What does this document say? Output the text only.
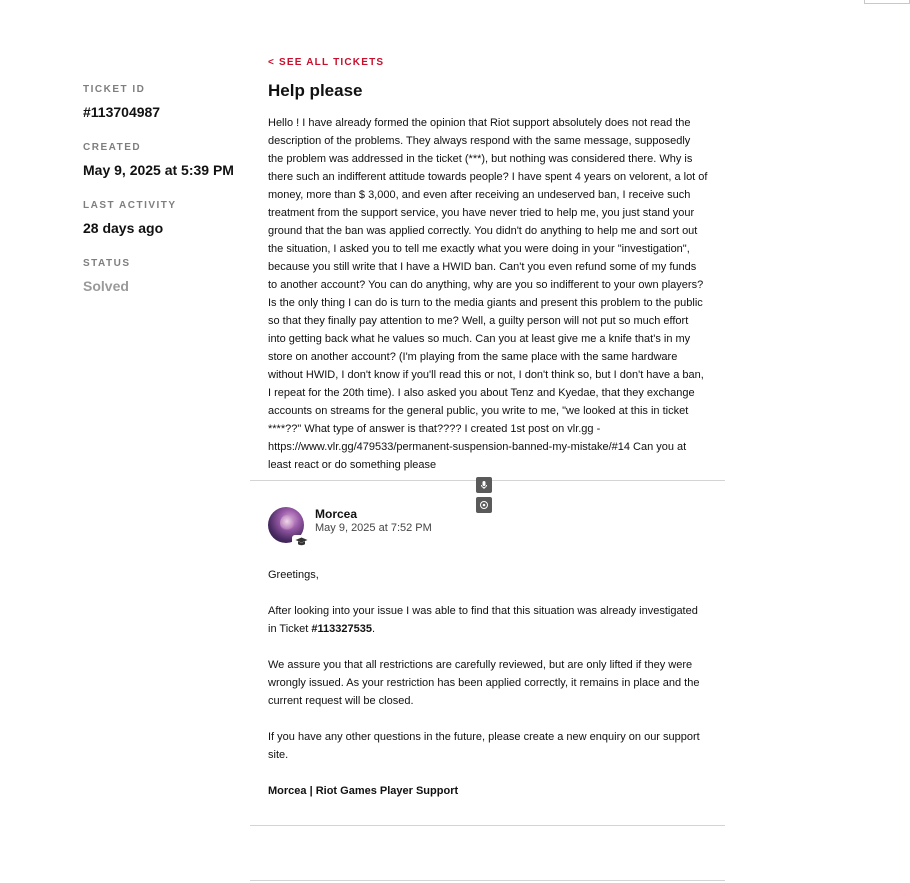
TICKET ID
#113704987
CREATED
May 9, 2025 at 5:39 PM
LAST ACTIVITY
28 days ago
STATUS
Solved
< SEE ALL TICKETS
Help please

Hello ! I have already formed the opinion that Riot support absolutely does not read the description of the problems. They always respond with the same message, supposedly the problem was addressed in the ticket (***), but nothing was considered there. Why is there such an indifferent attitude towards people? I have spent 4 years on velorent, a lot of money, more than $ 3,000, and even after receiving an undeserved ban, I receive such treatment from the support service, you have never tried to help me, you just stand your ground that the ban was applied correctly. You didn't do anything to help me and sort out the situation, I asked you to tell me exactly what you were doing in your "investigation", because you still write that I have a HWID ban. Can't you even refund some of my funds to another account? You can do anything, why are you so indifferent to your own players? Is the only thing I can do is turn to the media giants and present this problem to the public so that they finally pay attention to me? Well, a guilty person will not put so much effort into getting back what he values so much. Can you at least give me a knife that's in my store on another account? (I'm playing from the same place with the same hardware without HWID, I don't know if you'll read this or not, I don't think so, but I don't have a ban, I repeat for the 20th time). I also asked you about Tenz and Kyedae, that they exchange accounts on streams for the general public, you write to me, "we looked at this in ticket ****??" What type of answer is that???? I created 1st post on vlr.gg - https://www.vlr.gg/479533/permanent-suspension-banned-my-mistake/#14 Can you at least react or do something please

Morcea
May 9, 2025 at 7:52 PM

Greetings,

After looking into your issue I was able to find that this situation was already investigated in Ticket #113327535.

We assure you that all restrictions are carefully reviewed, but are only lifted if they were wrongly issued. As your restriction has been applied correctly, it remains in place and the current request will be closed.

If you have any other questions in the future, please create a new enquiry on our support site.

Morcea | Riot Games Player Support
